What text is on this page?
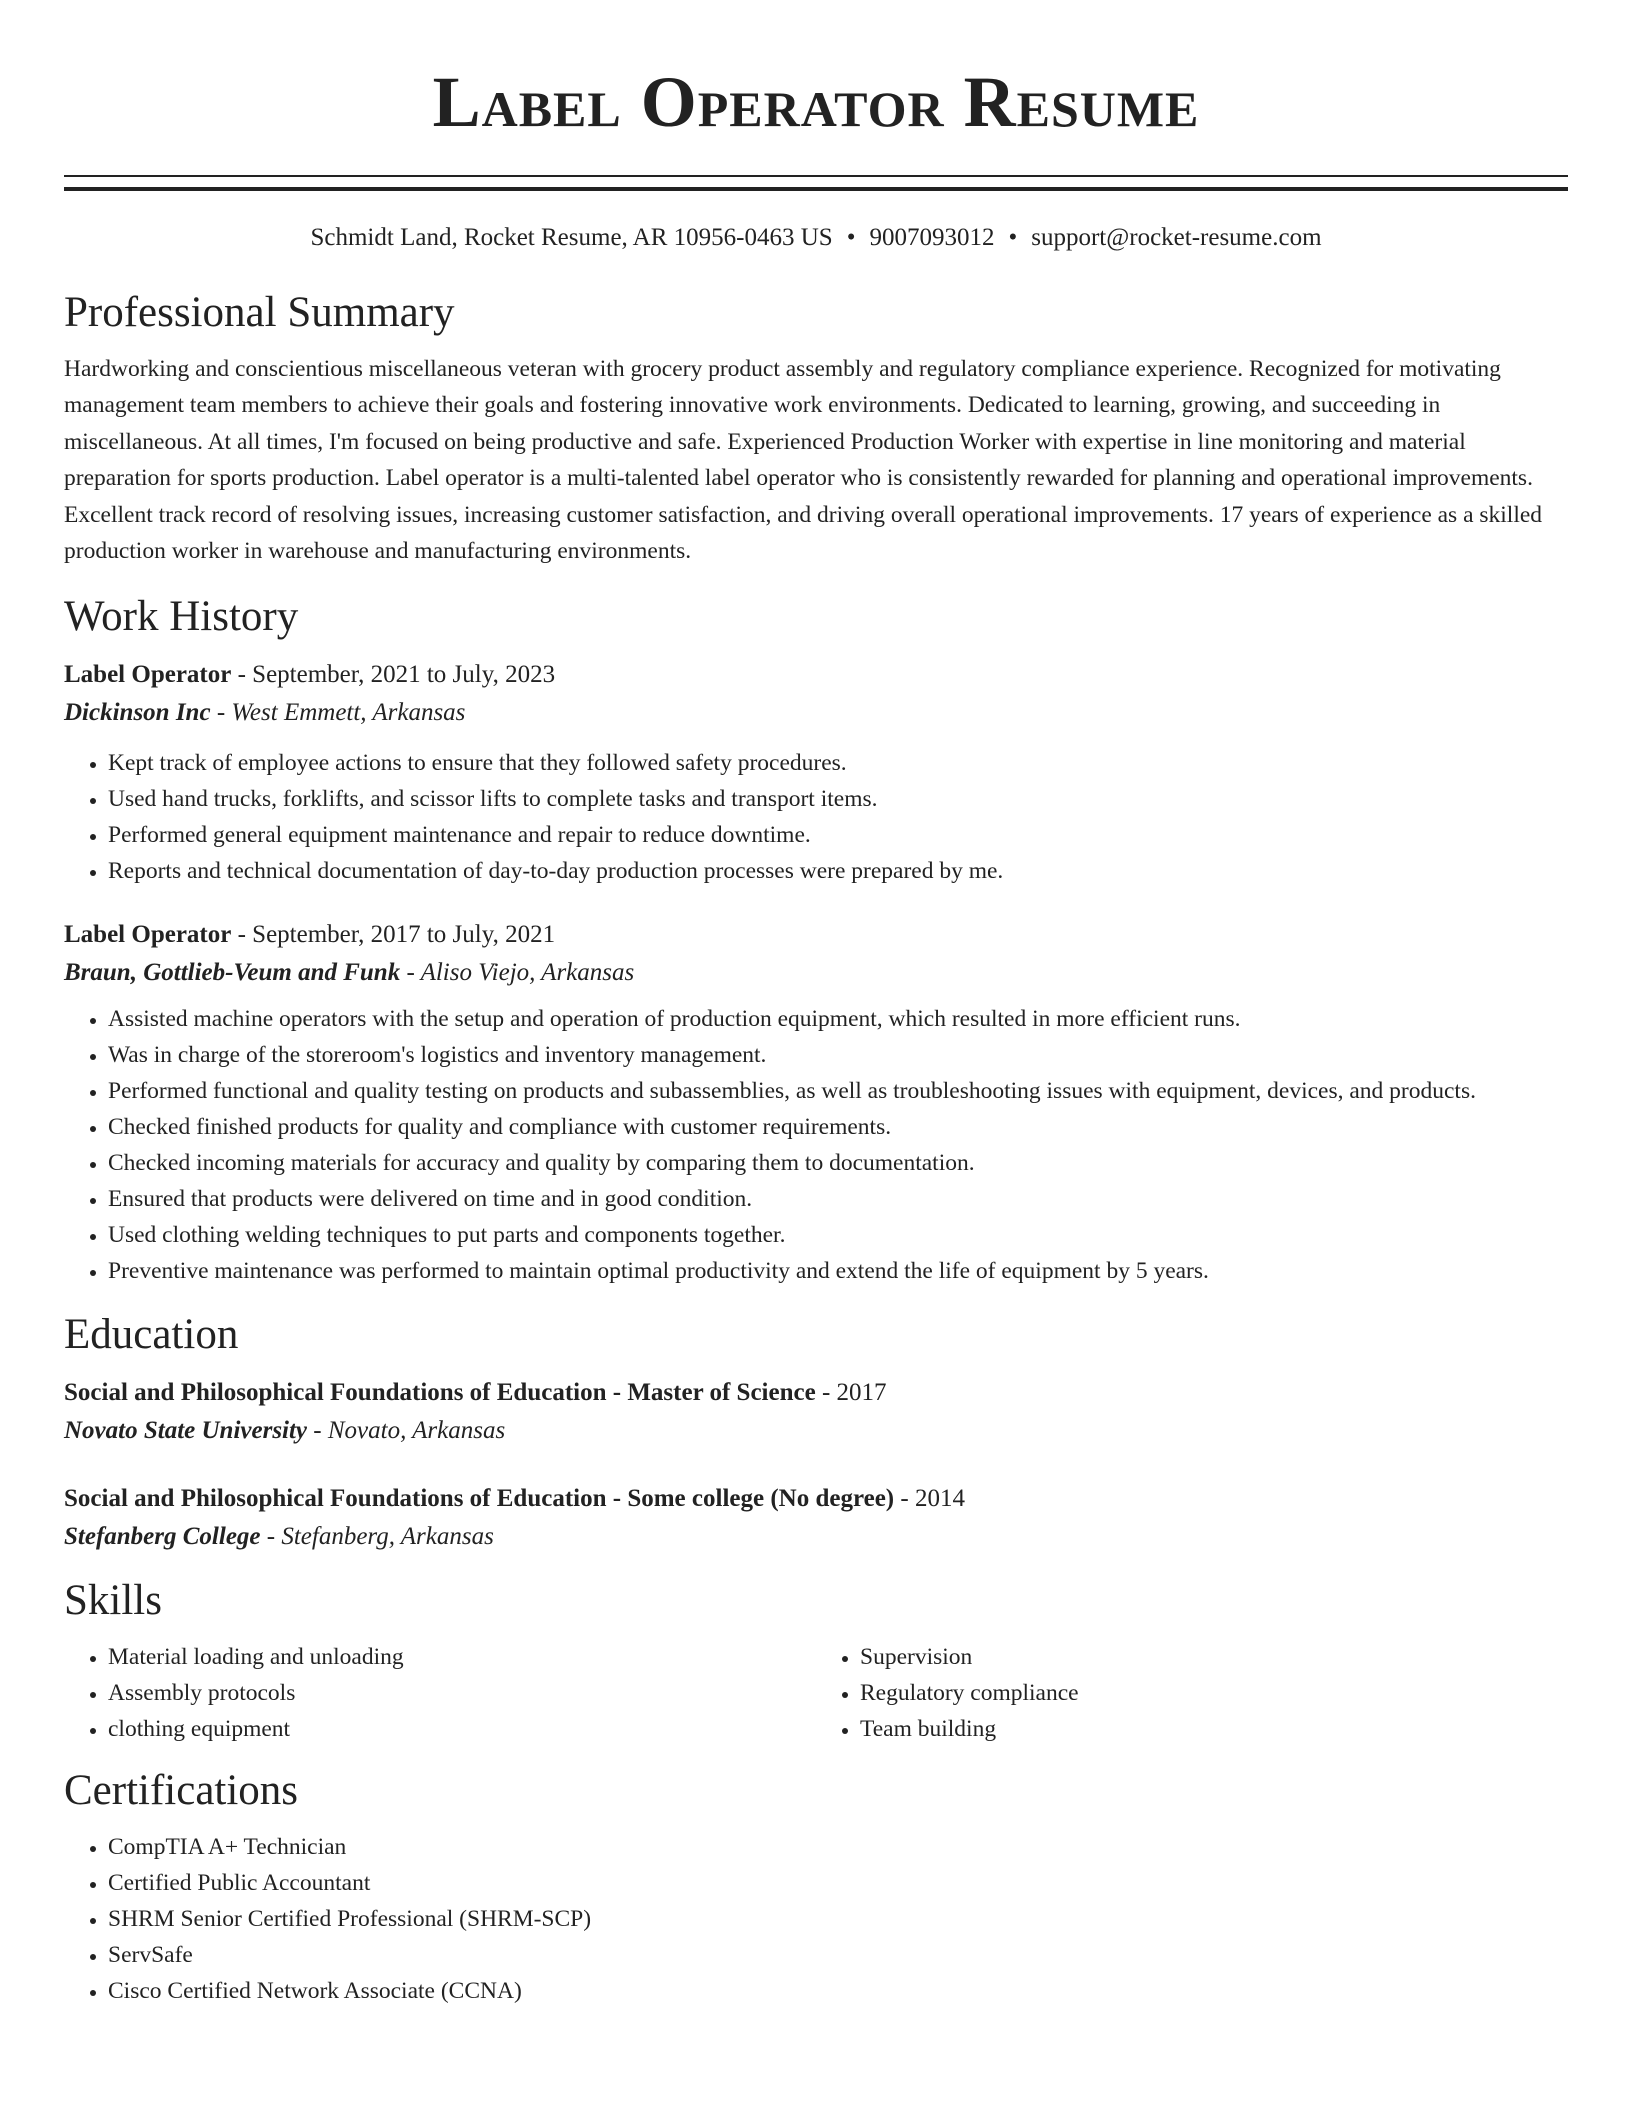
Label Operator Resume
Schmidt Land, Rocket Resume, AR 10956-0463 US • 9007093012 • support@rocket-resume.com
Professional Summary

Hardworking and conscientious miscellaneous veteran with grocery product assembly and regulatory compliance experience. Recognized for motivating management team members to achieve their goals and fostering innovative work environments. Dedicated to learning, growing, and succeeding in miscellaneous. At all times, I'm focused on being productive and safe. Experienced Production Worker with expertise in line monitoring and material preparation for sports production. Label operator is a multi-talented label operator who is consistently rewarded for planning and operational improvements. Excellent track record of resolving issues, increasing customer satisfaction, and driving overall operational improvements. 17 years of experience as a skilled production worker in warehouse and manufacturing environments.

Work History
Label Operator - September, 2021 to July, 2023
Dickinson Inc - West Emmett, Arkansas
• Kept track of employee actions to ensure that they followed safety procedures.
• Used hand trucks, forklifts, and scissor lifts to complete tasks and transport items.
• Performed general equipment maintenance and repair to reduce downtime.
• Reports and technical documentation of day-to-day production processes were prepared by me.
Label Operator - September, 2017 to July, 2021
Braun, Gottlieb-Veum and Funk - Aliso Viejo, Arkansas
• Assisted machine operators with the setup and operation of production equipment, which resulted in more efficient runs.
• Was in charge of the storeroom's logistics and inventory management.
• Performed functional and quality testing on products and subassemblies, as well as troubleshooting issues with equipment, devices, and products.
• Checked finished products for quality and compliance with customer requirements.
• Checked incoming materials for accuracy and quality by comparing them to documentation.
• Ensured that products were delivered on time and in good condition.
• Used clothing welding techniques to put parts and components together.
• Preventive maintenance was performed to maintain optimal productivity and extend the life of equipment by 5 years.
Education
Social and Philosophical Foundations of Education - Master of Science - 2017
Novato State University - Novato, Arkansas
Social and Philosophical Foundations of Education - Some college (No degree) - 2014
Stefanberg College - Stefanberg, Arkansas
Skills
• Material loading and unloading
• Assembly protocols
• clothing equipment
• Supervision
• Regulatory compliance
• Team building
Certifications
• CompTIA A+ Technician
• Certified Public Accountant
• SHRM Senior Certified Professional (SHRM-SCP)
• ServSafe
• Cisco Certified Network Associate (CCNA)
